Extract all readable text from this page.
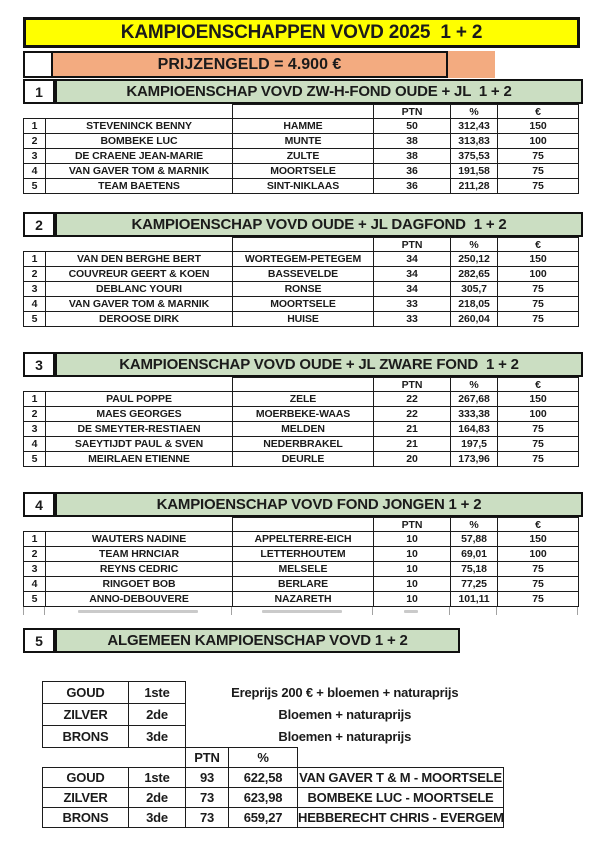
KAMPIOENSCHAPPEN VOVD 2025  1 + 2
PRIJZENGELD = 4.900 €
1	KAMPIOENSCHAP VOVD ZW-H-FOND OUDE + JL  1 + 2
			PTN	%	€
1	STEVENINCK BENNY	HAMME	50	312,43	150
2	BOMBEKE LUC	MUNTE	38	313,83	100
3	DE CRAENE JEAN-MARIE	ZULTE	38	375,53	75
4	VAN GAVER TOM & MARNIK	MOORTSELE	36	191,58	75
5	TEAM BAETENS	SINT-NIKLAAS	36	211,28	75
2	KAMPIOENSCHAP VOVD OUDE + JL DAGFOND  1 + 2
			PTN	%	€
1	VAN DEN BERGHE BERT	WORTEGEM-PETEGEM	34	250,12	150
2	COUVREUR GEERT & KOEN	BASSEVELDE	34	282,65	100
3	DEBLANC YOURI	RONSE	34	305,7	75
4	VAN GAVER TOM & MARNIK	MOORTSELE	33	218,05	75
5	DEROOSE DIRK	HUISE	33	260,04	75
3	KAMPIOENSCHAP VOVD OUDE + JL ZWARE FOND  1 + 2
			PTN	%	€
1	PAUL POPPE	ZELE	22	267,68	150
2	MAES GEORGES	MOERBEKE-WAAS	22	333,38	100
3	DE SMEYTER-RESTIAEN	MELDEN	21	164,83	75
4	SAEYTIJDT PAUL & SVEN	NEDERBRAKEL	21	197,5	75
5	MEIRLAEN ETIENNE	DEURLE	20	173,96	75
4	KAMPIOENSCHAP VOVD FOND JONGEN 1 + 2
			PTN	%	€
1	WAUTERS NADINE	APPELTERRE-EICH	10	57,88	150
2	TEAM HRNCIAR	LETTERHOUTEM	10	69,01	100
3	REYNS CEDRIC	MELSELE	10	75,18	75
4	RINGOET BOB	BERLARE	10	77,25	75
5	ANNO-DEBOUVERE	NAZARETH	10	101,11	75
5	ALGEMEEN KAMPIOENSCHAP VOVD 1 + 2
GOUD	1ste	Ereprijs 200 € + bloemen + naturaprijs		
ZILVER	2de	Bloemen + naturaprijs		
BRONS	3de	Bloemen + naturaprijs		
		PTN	%	
GOUD	1ste	93	622,58	VAN GAVER T & M - MOORTSELE
ZILVER	2de	73	623,98	BOMBEKE LUC - MOORTSELE
BRONS	3de	73	659,27	HEBBERECHT CHRIS - EVERGEM
